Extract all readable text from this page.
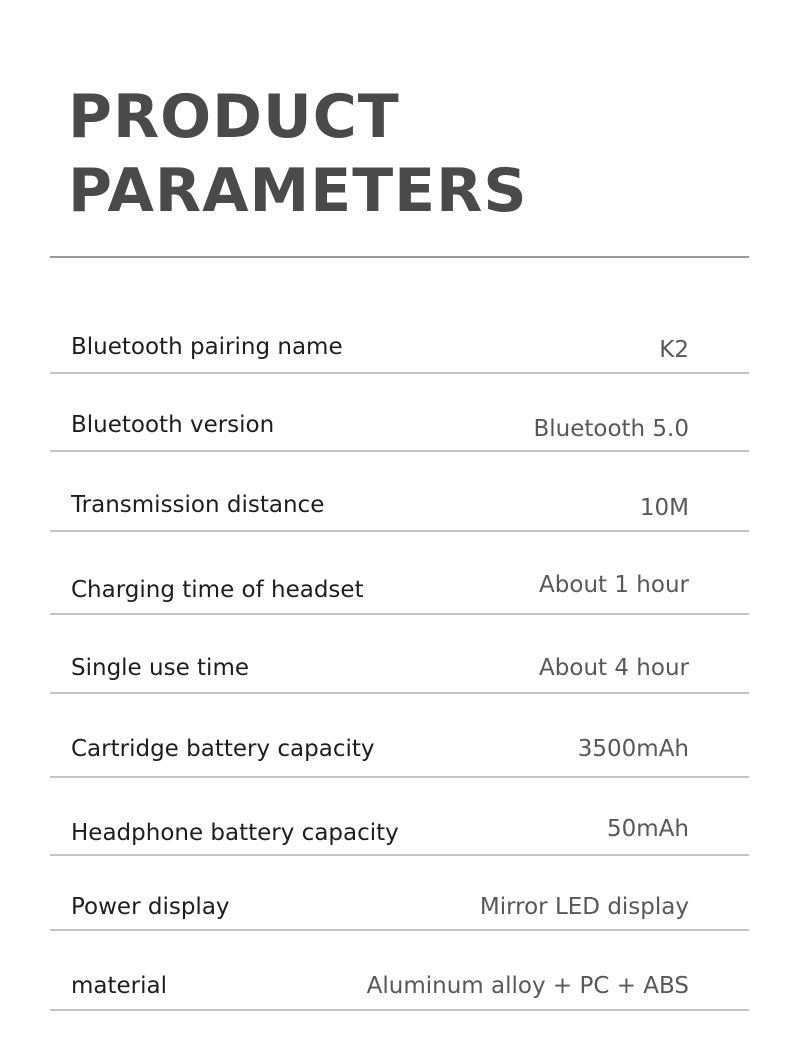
PRODUCT
PARAMETERS
Bluetooth pairing name	K2
Bluetooth version	Bluetooth 5.0
Transmission distance	10M
Charging time of headset	About 1 hour
Single use time	About 4 hour
Cartridge battery capacity	3500mAh
Headphone battery capacity	50mAh
Power display	Mirror LED display
material	Aluminum alloy + PC + ABS
